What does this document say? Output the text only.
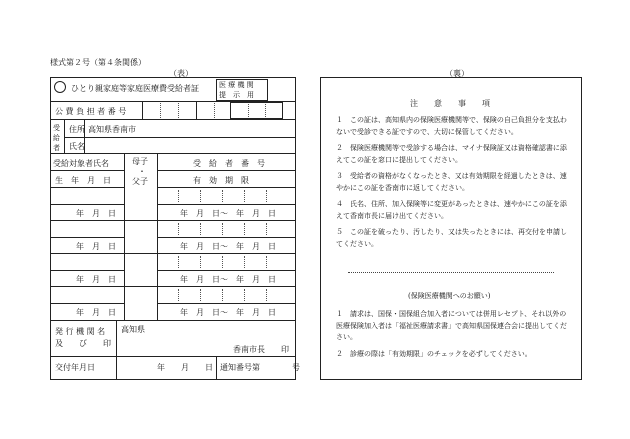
様式第２号（第４条関係）
（表）	（裏）
ひとり親家庭等家庭医療費受給者証	医 療 機 関
提　示　用
公 費 負 担 者 番 号
受
給
者
住所 高知県香南市
氏名
受給対象者氏名	母子
・
父子
受　給　者　番　号
生　年　月　日	有　効　期　限
年　月　日	年　月　日〜　年　月　日
年　月　日	年　月　日〜　年　月　日
年　月　日	年　月　日〜　年　月　日
年　月　日	年　月　日〜　年　月　日
発 行 機 関 名
及　　び　　印
高知県
香南市長　　印
交付年月日	年　　月　　日 通知番号第　　　　号
注　　意　　事　　項

１　この証は、高知県内の保険医療機関等で、保険の自己負担分を支払わないで受診できる証ですので、大切に保管してください。

２　保険医療機関等で受診する場合は、マイナ保険証又は資格確認書に添えてこの証を窓口に提出してください。

３　受給者の資格がなくなったとき、又は有効期限を経過したときは、速やかにこの証を香南市に返してください。

４　氏名、住所、加入保険等に変更があったときは、速やかにこの証を添えて香南市長に届け出てください。

５　この証を破ったり、汚したり、又は失ったときには、再交付を申請してください。

(保険医療機関へのお願い)

１　請求は、国保・国保組合加入者については併用レセプト、それ以外の医療保険加入者は「福祉医療請求書」で高知県国保連合会に提出してください。

２　診療の際は「有効期限」のチェックを必ずしてください。
